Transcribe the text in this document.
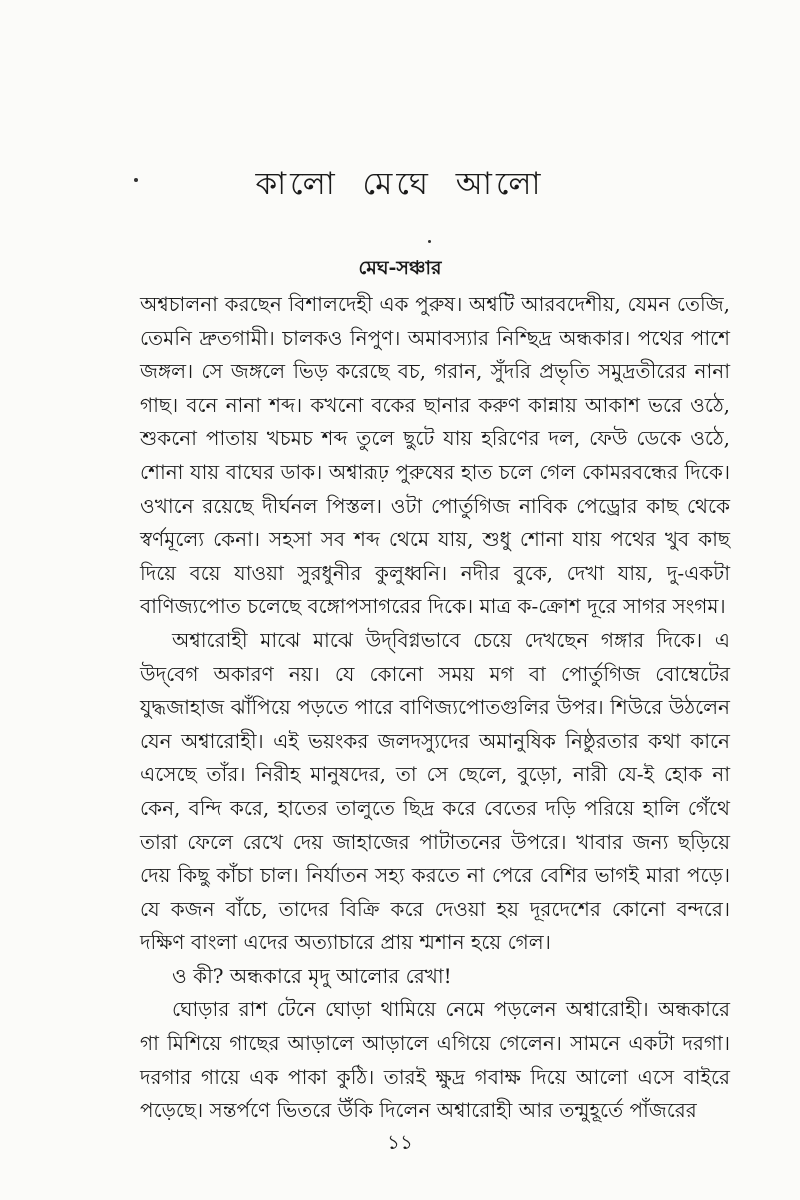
কালো মেঘে আলো
মেঘ-সঞ্চার

অশ্বচালনা করছেন বিশালদেহী এক পুরুষ। অশ্বটি আরবদেশীয়, যেমন তেজি, তেমনি দ্রুতগামী। চালকও নিপুণ। অমাবস্যার নিশ্ছিদ্র অন্ধকার। পথের পাশে জঙ্গল। সে জঙ্গলে ভিড় করেছে বচ, গরান, সুঁদরি প্রভৃতি সমুদ্রতীরের নানা গাছ। বনে নানা শব্দ। কখনো বকের ছানার করুণ কান্নায় আকাশ ভরে ওঠে, শুকনো পাতায় খচমচ শব্দ তুলে ছুটে যায় হরিণের দল, ফেউ ডেকে ওঠে, শোনা যায় বাঘের ডাক। অশ্বারূঢ় পুরুষের হাত চলে গেল কোমরবন্ধের দিকে। ওখানে রয়েছে দীর্ঘনল পিস্তল। ওটা পোর্তুগিজ নাবিক পেড্রোর কাছ থেকে স্বর্ণমূল্যে কেনা। সহসা সব শব্দ থেমে যায়, শুধু শোনা যায় পথের খুব কাছ দিয়ে বয়ে যাওয়া সুরধুনীর কুলুধ্বনি। নদীর বুকে, দেখা যায়, দু-একটা বাণিজ্যপোত চলেছে বঙ্গোপসাগরের দিকে। মাত্র ক-ক্রোশ দূরে সাগর সংগম।

অশ্বারোহী মাঝে মাঝে উদ্‌বিগ্নভাবে চেয়ে দেখছেন গঙ্গার দিকে। এ উদ্‌বেগ অকারণ নয়। যে কোনো সময় মগ বা পোর্তুগিজ বোম্বেটের যুদ্ধজাহাজ ঝাঁপিয়ে পড়তে পারে বাণিজ্যপোতগুলির উপর। শিউরে উঠলেন যেন অশ্বারোহী। এই ভয়ংকর জলদস্যুদের অমানুষিক নিষ্ঠুরতার কথা কানে এসেছে তাঁর। নিরীহ মানুষদের, তা সে ছেলে, বুড়ো, নারী যে-ই হোক না কেন, বন্দি করে, হাতের তালুতে ছিদ্র করে বেতের দড়ি পরিয়ে হালি গেঁথে তারা ফেলে রেখে দেয় জাহাজের পাটাতনের উপরে। খাবার জন্য ছড়িয়ে দেয় কিছু কাঁচা চাল। নির্যাতন সহ্য করতে না পেরে বেশির ভাগই মারা পড়ে। যে কজন বাঁচে, তাদের বিক্রি করে দেওয়া হয় দূরদেশের কোনো বন্দরে। দক্ষিণ বাংলা এদের অত্যাচারে প্রায় শ্মশান হয়ে গেল।

ও কী? অন্ধকারে মৃদু আলোর রেখা!

ঘোড়ার রাশ টেনে ঘোড়া থামিয়ে নেমে পড়লেন অশ্বারোহী। অন্ধকারে গা মিশিয়ে গাছের আড়ালে আড়ালে এগিয়ে গেলেন। সামনে একটা দরগা। দরগার গায়ে এক পাকা কুঠি। তারই ক্ষুদ্র গবাক্ষ দিয়ে আলো এসে বাইরে পড়েছে। সন্তর্পণে ভিতরে উঁকি দিলেন অশ্বারোহী আর তন্মুহূর্তে পাঁজরের

১১
